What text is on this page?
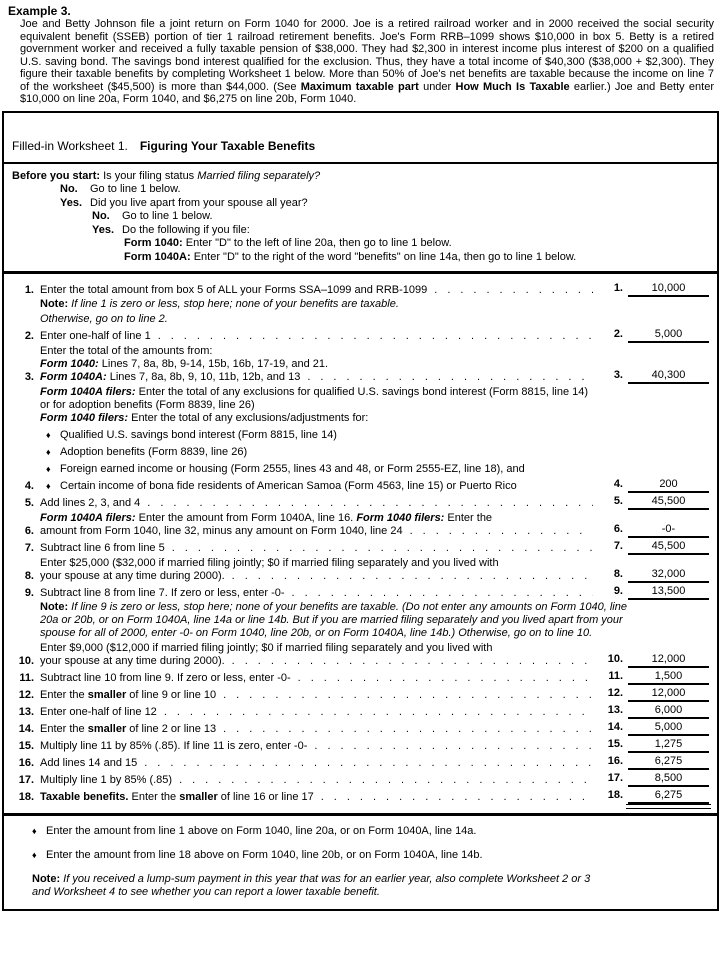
Example 3.

Joe and Betty Johnson file a joint return on Form 1040 for 2000. Joe is a retired railroad worker and in 2000 received the social security equivalent benefit (SSEB) portion of tier 1 railroad retirement benefits. Joe's Form RRB–1099 shows $10,000 in box 5. Betty is a retired government worker and received a fully taxable pension of $38,000. They had $2,300 in interest income plus interest of $200 on a qualified U.S. saving bond. The savings bond interest qualified for the exclusion. Thus, they have a total income of $40,300 ($38,000 + $2,300). They figure their taxable benefits by completing Worksheet 1 below. More than 50% of Joe's net benefits are taxable because the income on line 7 of the worksheet ($45,500) is more than $44,000. (See Maximum taxable part under How Much Is Taxable earlier.) Joe and Betty enter $10,000 on line 20a, Form 1040, and $6,275 on line 20b, Form 1040.

Filled-in Worksheet 1. Figuring Your Taxable Benefits
Before you start: Is your filing status Married filing separately?
No. Go to line 1 below.
Yes. Did you live apart from your spouse all year?
No. Go to line 1 below.
Yes. Do the following if you file:
Form 1040: Enter "D" to the left of line 20a, then go to line 1 below.
Form 1040A: Enter "D" to the right of the word "benefits" on line 14a, then go to line 1 below.
1. Enter the total amount from box 5 of ALL your Forms SSA–1099 and RRB-1099 .....	1.	10,000
Note: If line 1 is zero or less, stop here; none of your benefits are taxable.
Otherwise, go on to line 2.
2. Enter one-half of line 1 .....	2.	5,000
3.
Enter the total of the amounts from:
Form 1040: Lines 7, 8a, 8b, 9-14, 15b, 16b, 17-19, and 21.
Form 1040A: Lines 7, 8a, 8b, 9, 10, 11b, 12b, and 13 .....	3.	40,300
4.
Form 1040A filers: Enter the total of any exclusions for qualified U.S. savings bond interest (Form 8815, line 14) or for adoption benefits (Form 8839, line 26)
Form 1040 filers: Enter the total of any exclusions/adjustments for:
♦ Qualified U.S. savings bond interest (Form 8815, line 14)
♦ Adoption benefits (Form 8839, line 26)
♦ Foreign earned income or housing (Form 2555, lines 43 and 48, or Form 2555-EZ, line 18), and
♦ Certain income of bona fide residents of American Samoa (Form 4563, line 15) or Puerto Rico	4.	200
5. Add lines 2, 3, and 4 .....	5.	45,500
6.
Form 1040A filers: Enter the amount from Form 1040A, line 16. Form 1040 filers: Enter the
amount from Form 1040, line 32, minus any amount on Form 1040, line 24 .....	6.	-0-
7. Subtract line 6 from line 5 .....	7.	45,500
8.
Enter $25,000 ($32,000 if married filing jointly; $0 if married filing separately and you lived with
your spouse at any time during 2000). .....	8.	32,000
9. Subtract line 8 from line 7. If zero or less, enter -0- .....	9.	13,500
Note: If line 9 is zero or less, stop here; none of your benefits are taxable. (Do not enter any amounts on Form 1040, line 20a or 20b, or on Form 1040A, line 14a or line 14b. But if you are married filing separately and you lived apart from your spouse for all of 2000, enter -0- on Form 1040, line 20b, or on Form 1040A, line 14b.) Otherwise, go on to line 10.
10.
Enter $9,000 ($12,000 if married filing jointly; $0 if married filing separately and you lived with
your spouse at any time during 2000). .....	10.	12,000
11. Subtract line 10 from line 9. If zero or less, enter -0- .....	11.	1,500
12. Enter the smaller of line 9 or line 10 .....	12.	12,000
13. Enter one-half of line 12 .....	13.	6,000
14. Enter the smaller of line 2 or line 13 .....	14.	5,000
15. Multiply line 11 by 85% (.85). If line 11 is zero, enter -0- .....	15.	1,275
16. Add lines 14 and 15 .....	16.	6,275
17. Multiply line 1 by 85% (.85) .....	17.	8,500
18. Taxable benefits. Enter the smaller of line 16 or line 17 .....	18.	6,275
♦ Enter the amount from line 1 above on Form 1040, line 20a, or on Form 1040A, line 14a.
♦ Enter the amount from line 18 above on Form 1040, line 20b, or on Form 1040A, line 14b.
Note: If you received a lump-sum payment in this year that was for an earlier year, also complete Worksheet 2 or 3 and Worksheet 4 to see whether you can report a lower taxable benefit.
